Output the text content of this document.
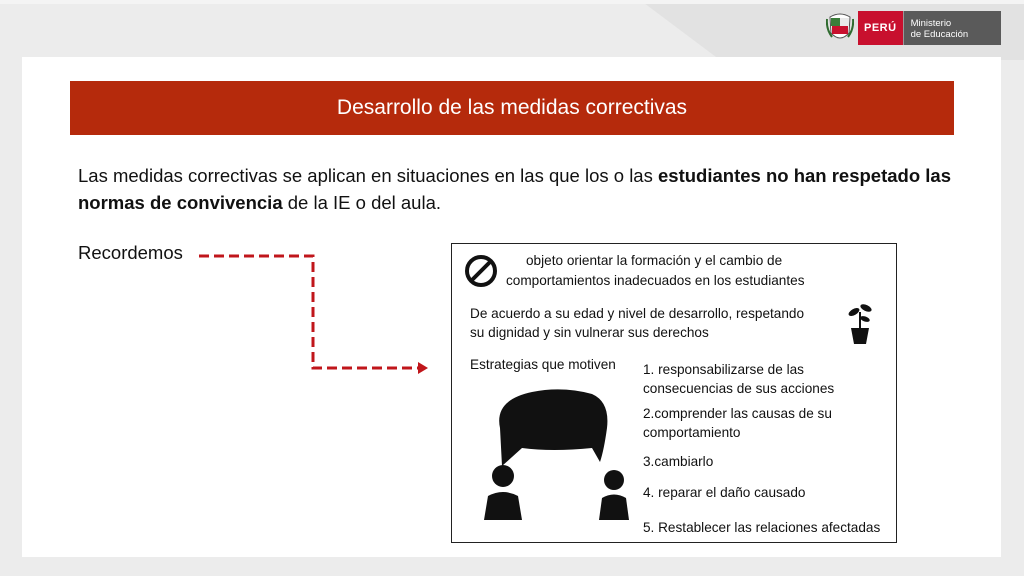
PERÚ	Ministerio
de Educación
Desarrollo de las medidas correctivas
Las medidas correctivas se aplican en situaciones en las que los o las estudiantes no han respetado las normas de convivencia de la IE o del aula.
Recordemos	objeto orientar la formación y el cambio de
comportamientos inadecuados en los estudiantes
De acuerdo a su edad y nivel de desarrollo, respetando
su dignidad y sin vulnerar sus derechos
Estrategias que motiven 1. responsabilizarse de las
consecuencias de sus acciones
2.comprender las causas de su
comportamiento
3.cambiarlo
4. reparar el daño causado
5. Restablecer las relaciones afectadas
